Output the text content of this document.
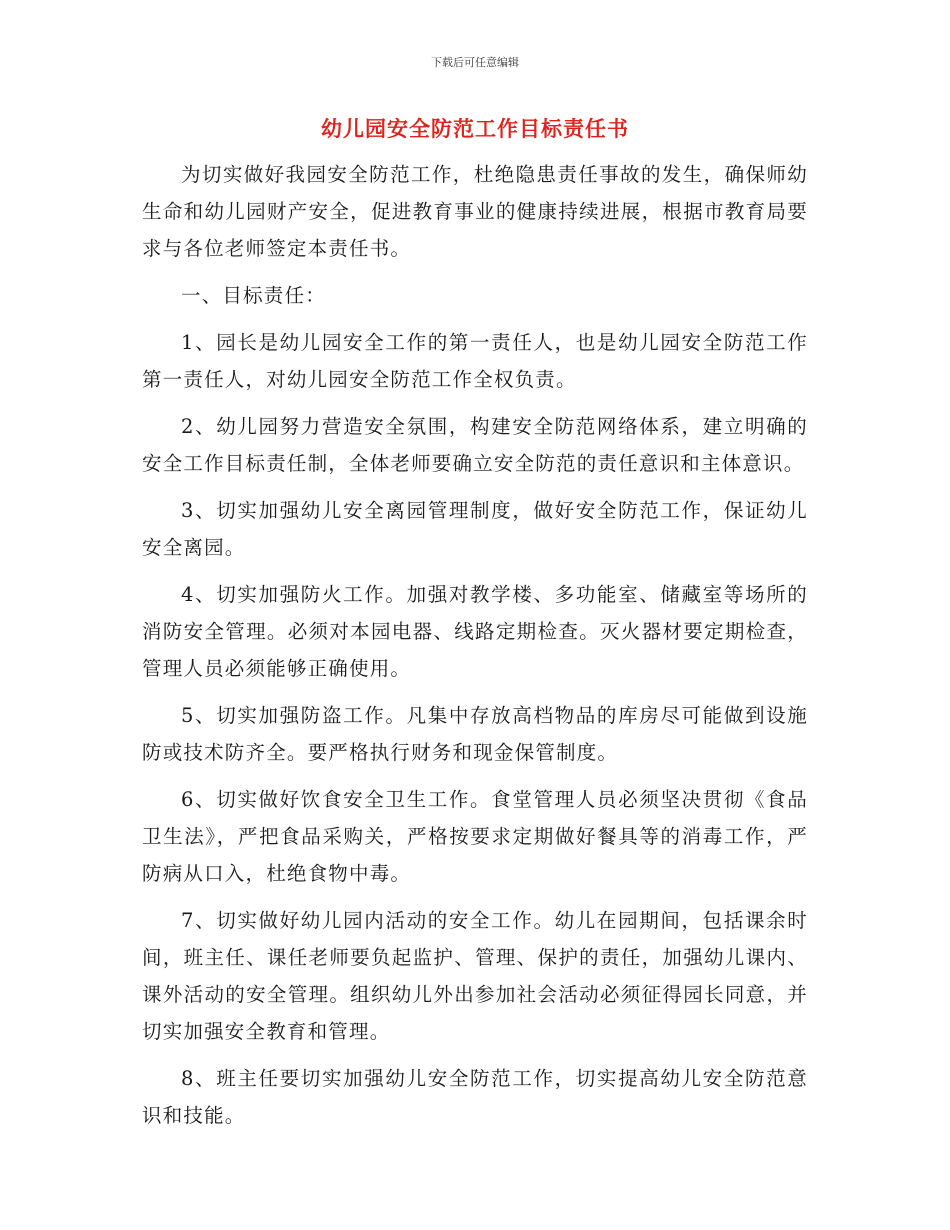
下载后可任意编辑
幼儿园安全防范工作目标责任书

为切实做好我园安全防范工作，杜绝隐患责任事故的发生，确保师幼生命和幼儿园财产安全，促进教育事业的健康持续进展，根据市教育局要求与各位老师签定本责任书。

一、目标责任：

1、园长是幼儿园安全工作的第一责任人，也是幼儿园安全防范工作第一责任人，对幼儿园安全防范工作全权负责。

2、幼儿园努力营造安全氛围，构建安全防范网络体系，建立明确的安全工作目标责任制，全体老师要确立安全防范的责任意识和主体意识。

3、切实加强幼儿安全离园管理制度，做好安全防范工作，保证幼儿安全离园。

4、切实加强防火工作。加强对教学楼、多功能室、储藏室等场所的消防安全管理。必须对本园电器、线路定期检查。灭火器材要定期检查，管理人员必须能够正确使用。

5、切实加强防盗工作。凡集中存放高档物品的库房尽可能做到设施防或技术防齐全。要严格执行财务和现金保管制度。

6、切实做好饮食安全卫生工作。食堂管理人员必须坚决贯彻《食品卫生法》，严把食品采购关，严格按要求定期做好餐具等的消毒工作，严防病从口入，杜绝食物中毒。

7、切实做好幼儿园内活动的安全工作。幼儿在园期间，包括课余时间，班主任、课任老师要负起监护、管理、保护的责任，加强幼儿课内、课外活动的安全管理。组织幼儿外出参加社会活动必须征得园长同意，并切实加强安全教育和管理。

8、班主任要切实加强幼儿安全防范工作，切实提高幼儿安全防范意识和技能。
